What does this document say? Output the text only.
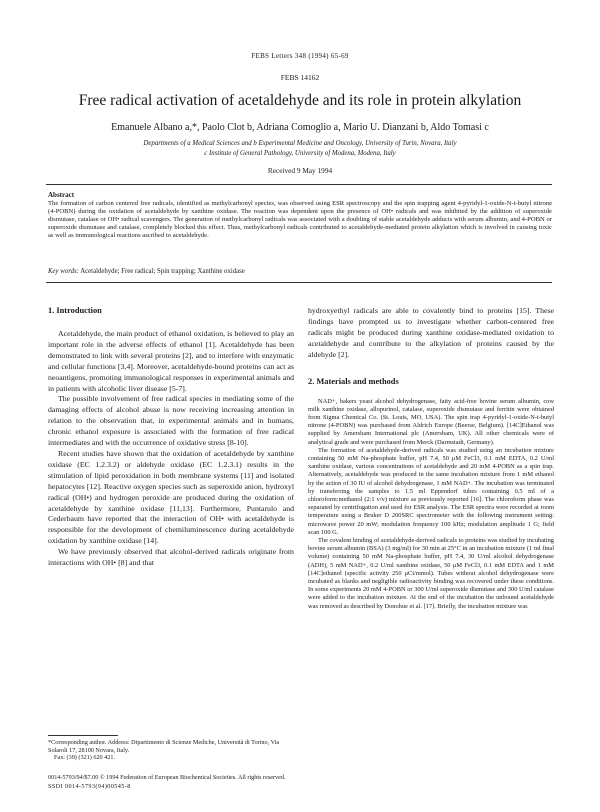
FEBS Letters 348 (1994) 65-69
FEBS 14162
Free radical activation of acetaldehyde and its role in protein alkylation
Emanuele Albano a,*, Paolo Clot b, Adriana Comoglio a, Mario U. Dianzani b, Aldo Tomasi c
Departments of a Medical Sciences and b Experimental Medicine and Oncology, University of Turin, Novara, Italy
c Institute of General Pathology, University of Modena, Modena, Italy
Received 9 May 1994
Abstract
The formation of carbon centered free radicals, identified as methylcarbonyl species, was observed using ESR spectroscopy and the spin trapping agent 4-pyridyl-1-oxide-N-t-butyl nitrone (4-POBN) during the oxidation of acetaldehyde by xanthine oxidase. The reaction was dependent upon the presence of OH• radicals and was inhibited by the addition of superoxide dismutase, catalase or OH• radical scavengers. The generation of methylcarbonyl radicals was associated with a doubling of stable acetaldehyde adducts with serum albumin, and 4-POBN or superoxide dismutase and catalase, completely blocked this effect. Thus, methylcarbonyl radicals contributed to acetaldehyde-mediated protein alkylation which is involved in causing toxic as well as immunological reactions ascribed to acetaldehyde.
Key words: Acetaldehyde; Free radical; Spin trapping; Xanthine oxidase
1. Introduction

Acetaldehyde, the main product of ethanol oxidation, is believed to play an important role in the adverse effects of ethanol [1]. Acetaldehyde has been demonstrated to link with several proteins [2], and to interfere with enzymatic and cellular functions [3,4]. Moreover, acetaldehyde-bound proteins can act as neoantigens, promoting immunological responses in experimental animals and in patients with alcoholic liver disease [5-7].

The possible involvement of free radical species in mediating some of the damaging effects of alcohol abuse is now receiving increasing attention in relation to the observation that, in experimental animals and in humans, chronic ethanol exposure is associated with the formation of free radical intermediates and with the occurrence of oxidative stress [8-10].

Recent studies have shown that the oxidation of acetaldehyde by xanthine oxidase (EC 1.2.3.2) or aldehyde oxidase (EC 1.2.3.1) results in the stimulation of lipid peroxidation in both membrane systems [11] and isolated hepatocytes [12]. Reactive oxygen species such as superoxide anion, hydroxyl radical (OH•) and hydrogen peroxide are produced during the oxidation of acetaldehyde by xanthine oxidase [11,13]. Furthermore, Puntarulo and Cederbaum have reported that the interaction of OH• with acetaldehyde is responsible for the development of chemiluminescence during acetaldehyde oxidation by xanthine oxidase [14].

We have previously observed that alcohol-derived radicals originate from interactions with OH• [8] and that

*Corresponding author. Address: Dipartimento di Scienze Mediche, Università di Torino, Via Solaroli 17, 28100 Novara, Italy.
Fax: (39) (321) 620 421.

hydroxyethyl radicals are able to covalently bind to proteins [15]. These findings have prompted us to investigate whether carbon-centered free radicals might be produced during xanthine oxidase-mediated oxidation to acetaldehyde and contribute to the alkylation of proteins caused by the aldehyde [2].

2. Materials and methods

NAD+, bakers yeast alcohol dehydrogenase, fatty acid-free bovine serum albumin, cow milk xanthine oxidase, allopurinol, catalase, superoxide dismutase and ferritin were obtained from Sigma Chemical Co. (St. Louis, MO, USA). The spin trap 4-pyridyl-1-oxide-N-t-butyl nitrone (4-POBN) was purchased from Aldrich Europe (Beerse, Belgium). [14C]Ethanol was supplied by Amersham International plc (Amersham, UK). All other chemicals were of analytical grade and were purchased from Merck (Darmstadt, Germany).

The formation of acetaldehyde-derived radicals was studied using an incubation mixture containing 50 mM Na-phosphate buffer, pH 7.4, 50 μM FeCl3, 0.1 mM EDTA, 0.2 U/ml xanthine oxidase, various concentrations of acetaldehyde and 20 mM 4-POBN as a spin trap. Alternatively, acetaldehyde was produced in the same incubation mixture from 1 mM ethanol by the action of 30 IU of alcohol dehydrogenase, 1 mM NAD+. The incubation was terminated by transferring the samples to 1.5 ml Eppendorf tubes containing 0.5 ml of a chloroform:methanol (2:1 v/v) mixture as previously reported [16]. The chloroform phase was separated by centrifugation and used for ESR analysis. The ESR spectra were recorded at room temperature using a Bruker D 200SRC spectrometer with the following instrument setting: microwave power 20 mW; modulation frequency 100 kHz; modulation amplitude 1 G; field scan 100 G.

The covalent binding of acetaldehyde-derived radicals to proteins was studied by incubating bovine serum albumin (BSA) (3 mg/ml) for 30 min at 25°C in an incubation mixture (1 ml final volume) containing 50 mM Na-phosphate buffer, pH 7.4, 30 U/ml alcohol dehydrogenase (ADH), 5 mM NAD+, 0.2 U/ml xanthine oxidase, 50 μM FeCl3, 0.1 mM EDTA and 1 mM [14C]ethanol (specific activity 250 μCi/mmol). Tubes without alcohol dehydrogenase were incubated as blanks and negligible radioactivity binding was recovered under these conditions. In some experiments 20 mM 4-POBN or 300 U/ml superoxide dismutase and 300 U/ml catalase were added to the incubation mixture. At the end of the incubation the unbound acetaldehyde was removed as described by Donohue et al. [17]. Briefly, the incubation mixture was

0014-5793/94/$7.00 © 1994 Federation of European Biochemical Societies. All rights reserved.
SSDI 0014-5793(94)00545-8
